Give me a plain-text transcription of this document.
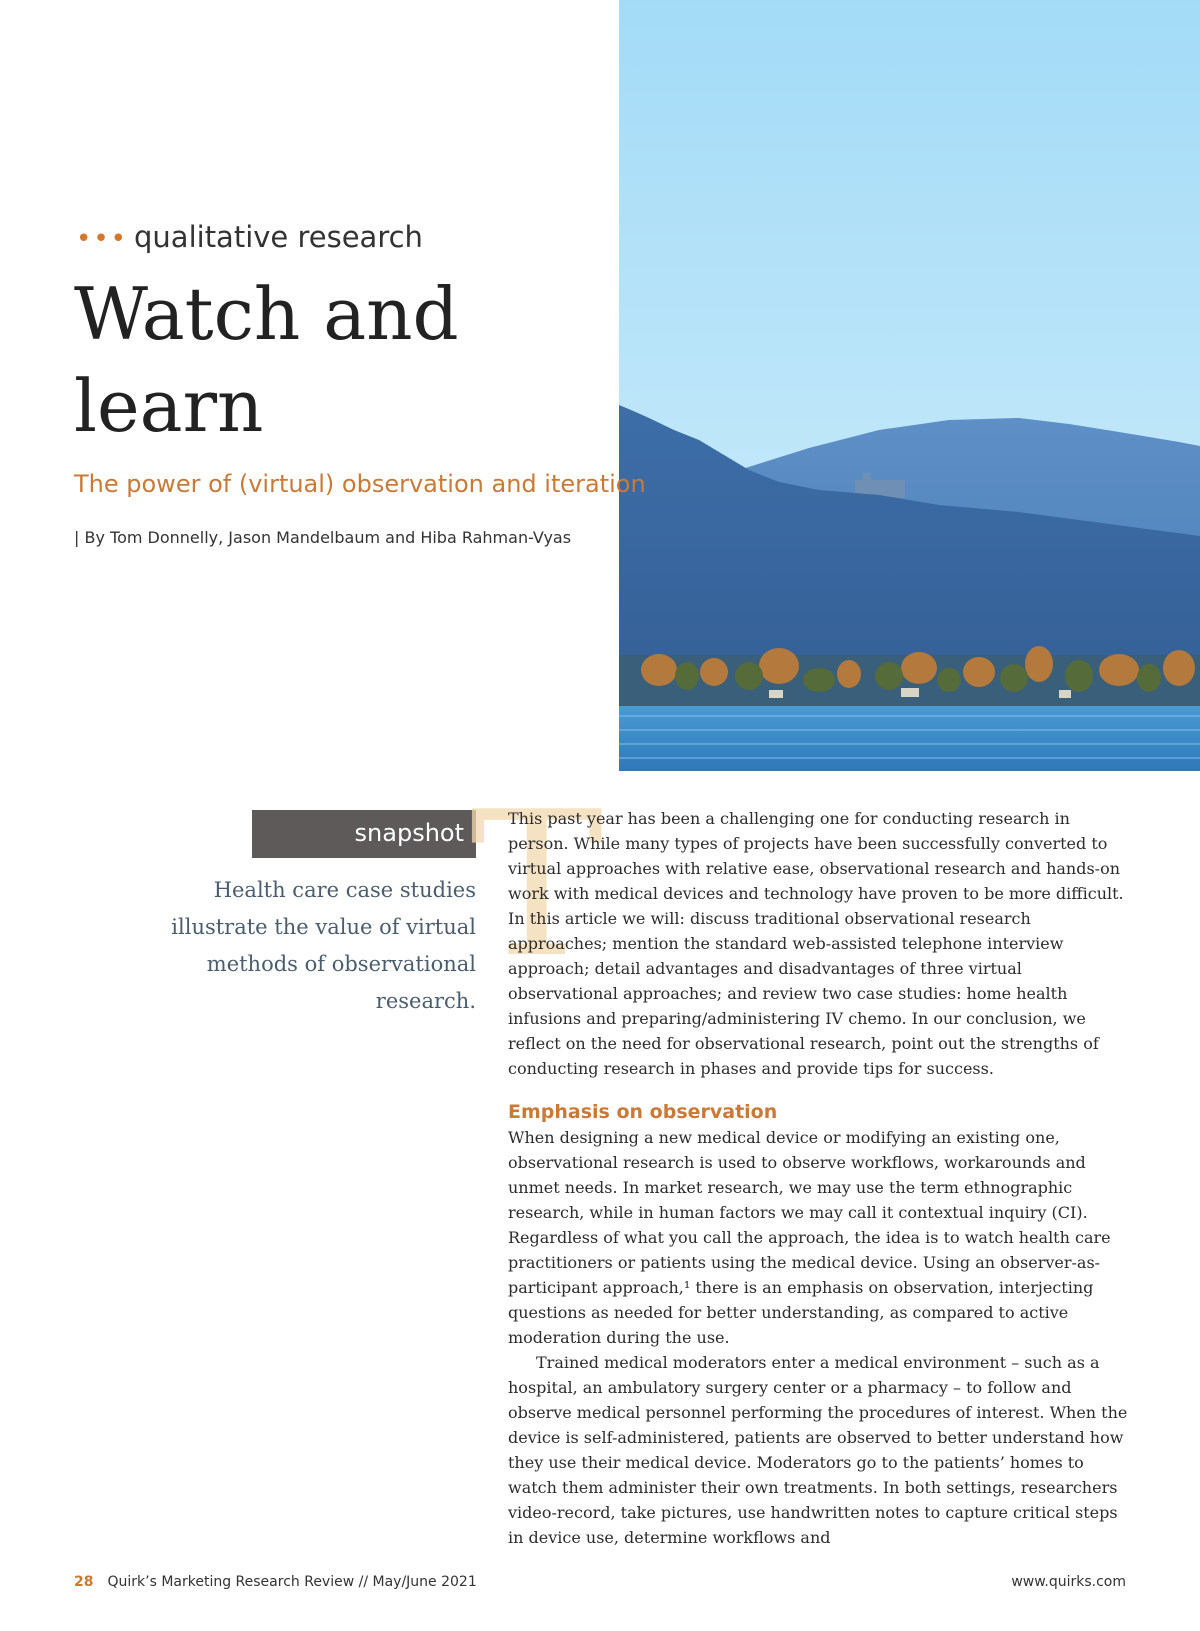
••• qualitative research
Watch and
learn
The power of (virtual) observation and iteration
| By Tom Donnelly, Jason Mandelbaum and Hiba Rahman-Vyas
snapshot
Health care case studies illustrate the value of virtual methods of observational research.
T

This past year has been a challenging one for conducting research in person. While many types of projects have been successfully converted to virtual approaches with relative ease, observational research and hands-on work with medical devices and technology have proven to be more difficult. In this article we will: discuss traditional observational research approaches; mention the standard web-assisted telephone interview approach; detail advantages and disadvantages of three virtual observational approaches; and review two case studies: home health infusions and preparing/administering IV chemo. In our conclusion, we reflect on the need for observational research, point out the strengths of conducting research in phases and provide tips for success.

Emphasis on observation

When designing a new medical device or modifying an existing one, observational research is used to observe workflows, workarounds and unmet needs. In market research, we may use the term ethnographic research, while in human factors we may call it contextual inquiry (CI). Regardless of what you call the approach, the idea is to watch health care practitioners or patients using the medical device. Using an observer-as-participant approach,¹ there is an emphasis on observation, interjecting questions as needed for better understanding, as compared to active moderation during the use.

Trained medical moderators enter a medical environment – such as a hospital, an ambulatory surgery center or a pharmacy – to follow and observe medical personnel performing the procedures of interest. When the device is self-administered, patients are observed to better understand how they use their medical device. Moderators go to the patients’ homes to watch them administer their own treatments. In both settings, researchers video-record, take pictures, use handwritten notes to capture critical steps in device use, determine workflows and

28 Quirk’s Marketing Research Review // May/June 2021	www.quirks.com
